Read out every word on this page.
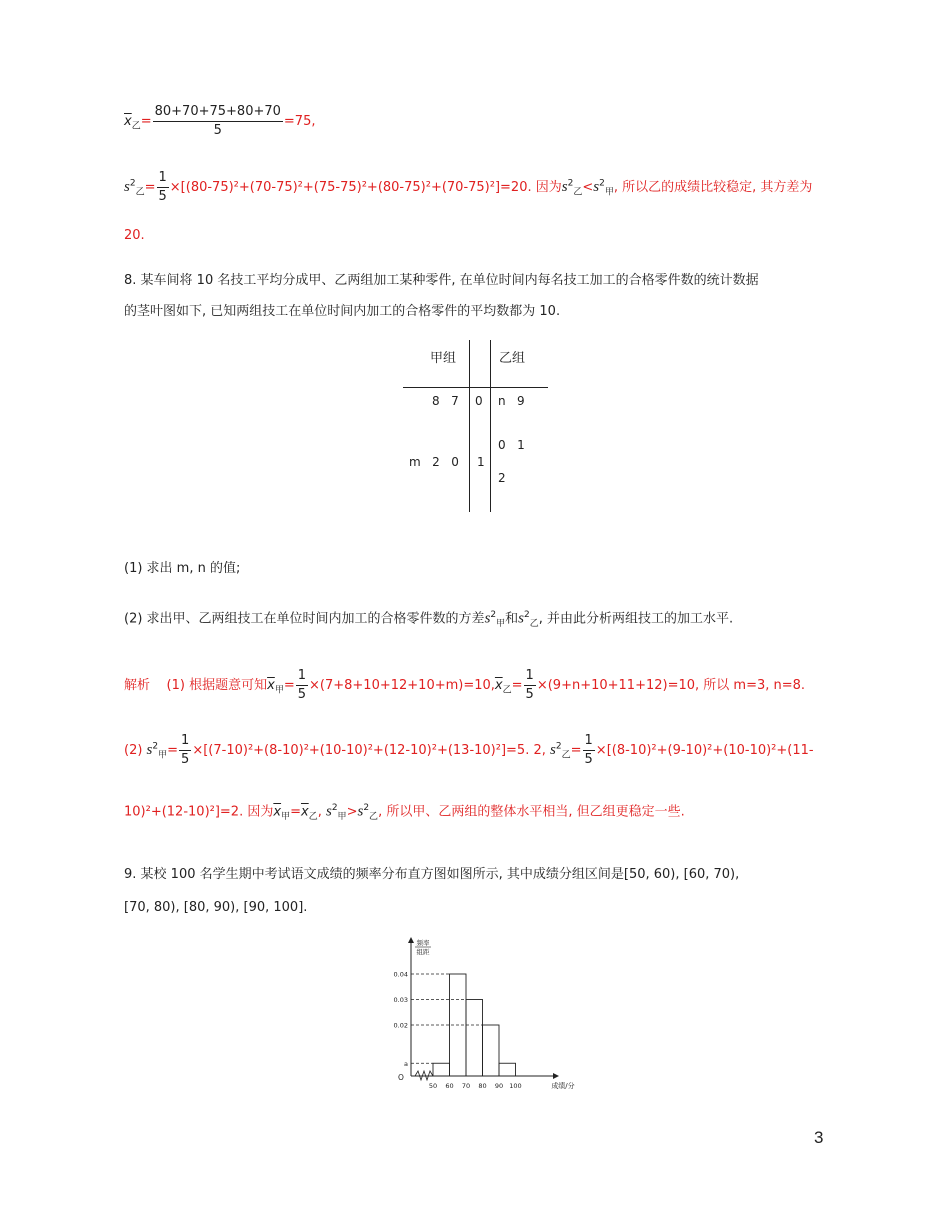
$\overline{x}_乙= \frac{80+70+75+80+70}{5} =75$,
$s^2_乙= \frac{1}{5} \times[(80-75)^2+(70-75)^2+(75-75)^2+(80-75)^2+(70-75)^2]=20$. 因为$s^2_乙<s^2_甲$, 所以乙的成绩比较稳定, 其方差为
20.
8. 某车间将 10 名技工平均分成甲、乙两组加工某种零件, 在单位时间内每名技工加工的合格零件数的统计数据
的茎叶图如下, 已知两组技工在单位时间内加工的合格零件的平均数都为 10.
甲组	乙组
8   7 0 n   9
m   2   0 1
0   1
2
(1) 求出 m, n 的值;
(2) 求出甲、乙两组技工在单位时间内加工的合格零件数的方差$s^2_甲$和$s^2_乙$, 并由此分析两组技工的加工水平.
解析 (1) 根据题意可知$\overline{x}_甲= \frac{1}{5} \times(7+8+10+12+10+m)=10,\overline{x}_乙= \frac{1}{5} \times(9+n+10+11+12)=10$, 所以 m=3, n=8.
(2) $s^2_甲= \frac{1}{5} \times[(7-10)^2+(8-10)^2+(10-10)^2+(12-10)^2+(13-10)^2]=5$. 2, $s^2_乙= \frac{1}{5} \times[(8-10)^2+(9-10)^2+(10-10)^2+(11-$
10)²+(12-10)²]=2. 因为$\overline{x}_甲=\overline{x}_乙$, $s^2_甲>s^2_乙$, 所以甲、乙两组的整体水平相当, 但乙组更稳定一些.
9. 某校 100 名学生期中考试语文成绩的频率分布直方图如图所示, 其中成绩分组区间是[50, 60), [60, 70),
[70, 80), [80, 90), [90, 100].
0.04
0.03
0.02
a
50 60 70 80 90 100
O
成绩/分
频率
组距
3
